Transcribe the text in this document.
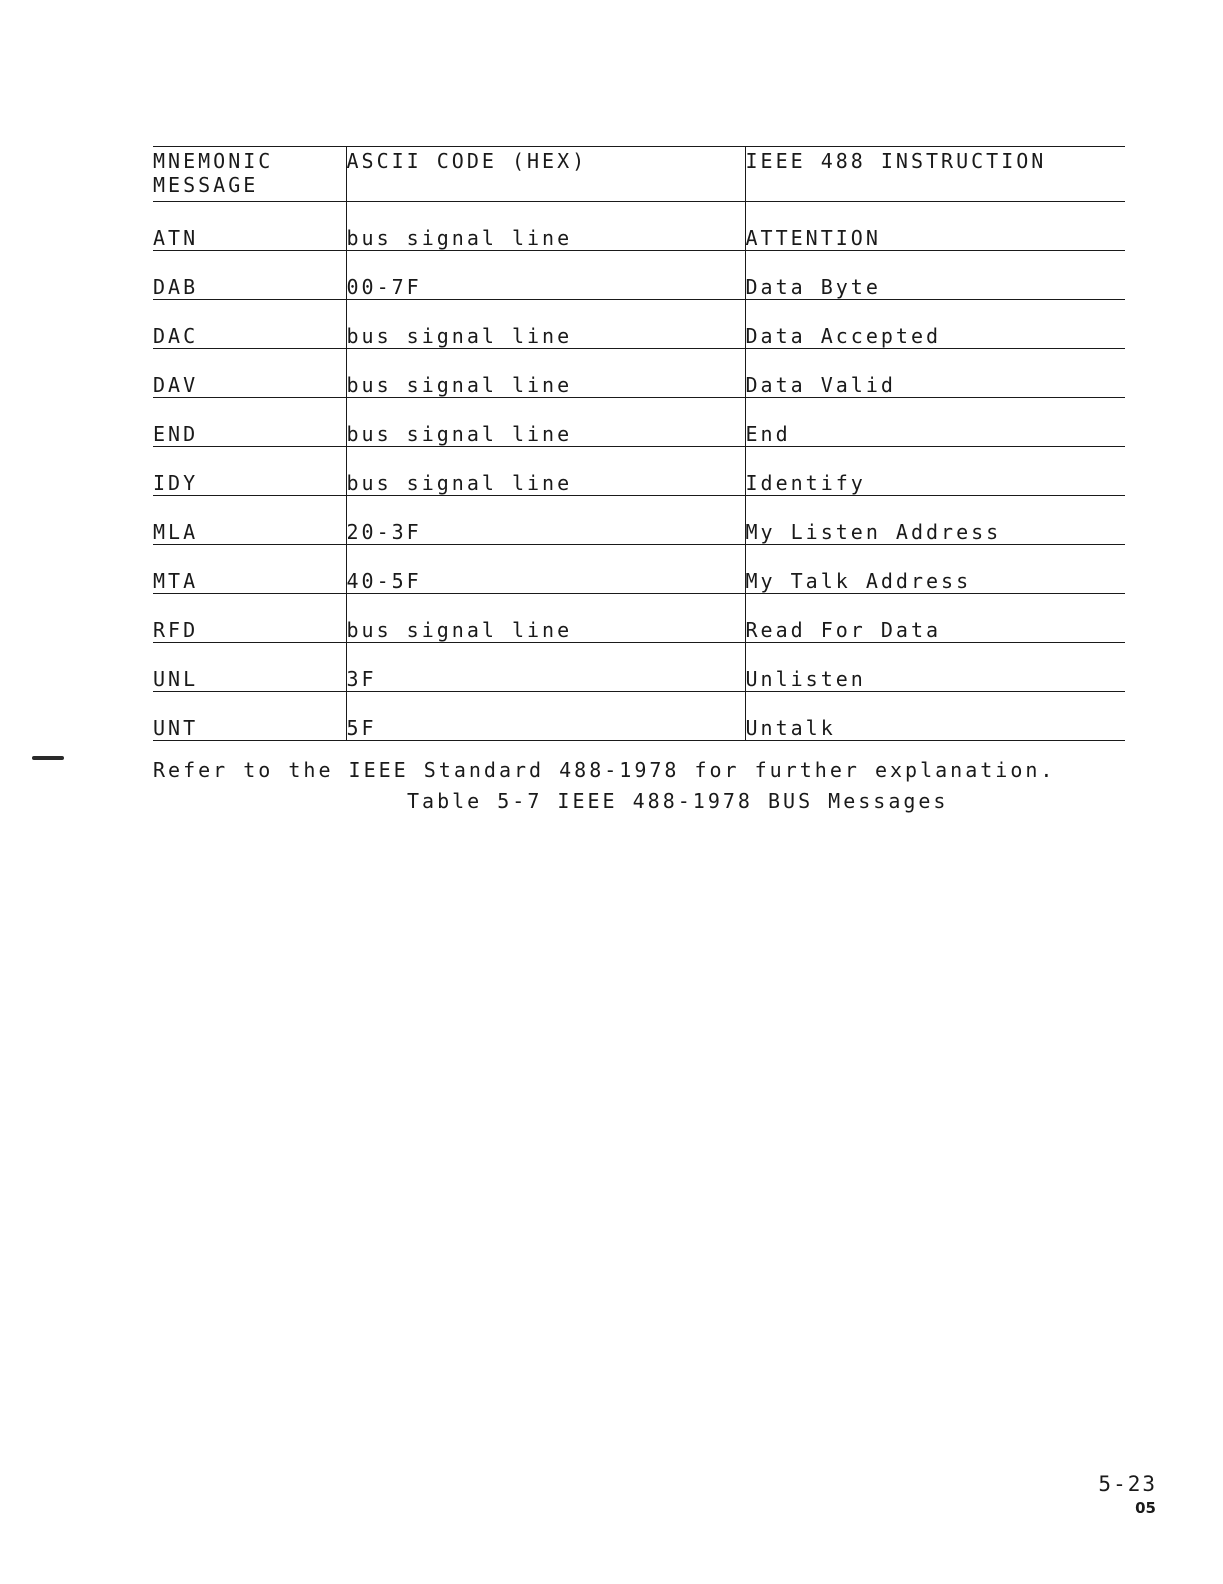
MNEMONIC
MESSAGE	ASCII CODE (HEX)	IEEE 488 INSTRUCTION
ATN	bus signal line	ATTENTION
DAB	00-7F	Data Byte
DAC	bus signal line	Data Accepted
DAV	bus signal line	Data Valid
END	bus signal line	End
IDY	bus signal line	Identify
MLA	20-3F	My Listen Address
MTA	40-5F	My Talk Address
RFD	bus signal line	Read For Data
UNL	3F	Unlisten
UNT	5F	Untalk
Refer to the IEEE Standard 488-1978 for further explanation.
Table 5-7 IEEE 488-1978 BUS Messages
5-23
05
